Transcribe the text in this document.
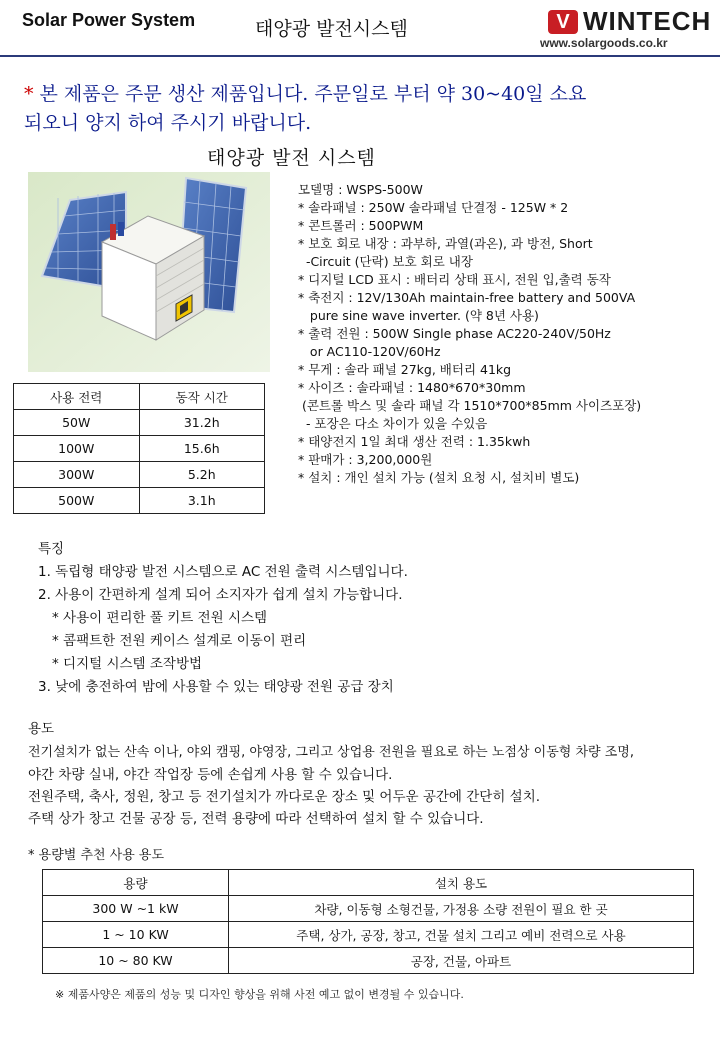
Solar Power System	태양광 발전시스템	V WINTECH
www.solargoods.co.kr
* 본 제품은 주문 생산 제품입니다. 주문일로 부터 약 30~40일 소요
되오니 양지 하여 주시기 바랍니다.
태양광 발전 시스템
모델명 : WSPS-500W
* 솔라패널 : 250W 솔라패널 단결정 - 125W * 2
* 콘트롤러 : 500PWM
* 보호 회로 내장 : 과부하, 과열(과온), 과 방전, Short
-Circuit (단락) 보호 회로 내장
* 디지털 LCD 표시 : 배터리 상태 표시, 전원 입,출력 동작
* 축전지 : 12V/130Ah maintain-free battery and 500VA
pure sine wave inverter. (약 8년 사용)
* 출력 전원 : 500W Single phase AC220-240V/50Hz
or AC110-120V/60Hz
* 무게 : 솔라 패널 27kg, 배터리 41kg
* 사이즈 : 솔라패널 : 1480*670*30mm
(콘트롤 박스 및 솔라 패널 각 1510*700*85mm 사이즈포장)
- 포장은 다소 차이가 있을 수있음
* 태양전지 1일 최대 생산 전력 : 1.35kwh
* 판매가 : 3,200,000원
* 설치 : 개인 설치 가능 (설치 요청 시, 설치비 별도)
사용 전력	동작 시간
50W	31.2h
100W	15.6h
300W	5.2h
500W	3.1h
특징
1. 독립형 태양광 발전 시스템으로 AC 전원 출력 시스템입니다.
2. 사용이 간편하게 설계 되어 소지자가 쉽게 설치 가능합니다.
* 사용이 편리한 풀 키트 전원 시스템
* 콤팩트한 전원 케이스 설계로 이동이 편리
* 디지털 시스템 조작방법
3. 낮에 충전하여 밤에 사용할 수 있는 태양광 전원 공급 장치
용도
전기설치가 없는 산속 이나, 야외 캠핑, 야영장, 그리고 상업용 전원을 필요로 하는 노점상 이동형 차량 조명,
야간 차량 실내, 야간 작업장 등에 손쉽게 사용 할 수 있습니다.
전원주택, 축사, 정원, 창고 등 전기설치가 까다로운 장소 및 어두운 공간에 간단히 설치.
주택 상가 창고 건물 공장 등, 전력 용량에 따라 선택하여 설치 할 수 있습니다.
* 용량별 추천 사용 용도
용량	설치 용도
300 W ~1 kW	차량, 이동형 소형건물, 가정용 소량 전원이 필요 한 곳
1 ~ 10 KW	주택, 상가, 공장, 창고, 건물 설치 그리고 예비 전력으로 사용
10 ~ 80 KW	공장, 건물, 아파트
※ 제품사양은 제품의 성능 및 디자인 향상을 위해 사전 예고 없이 변경될 수 있습니다.
